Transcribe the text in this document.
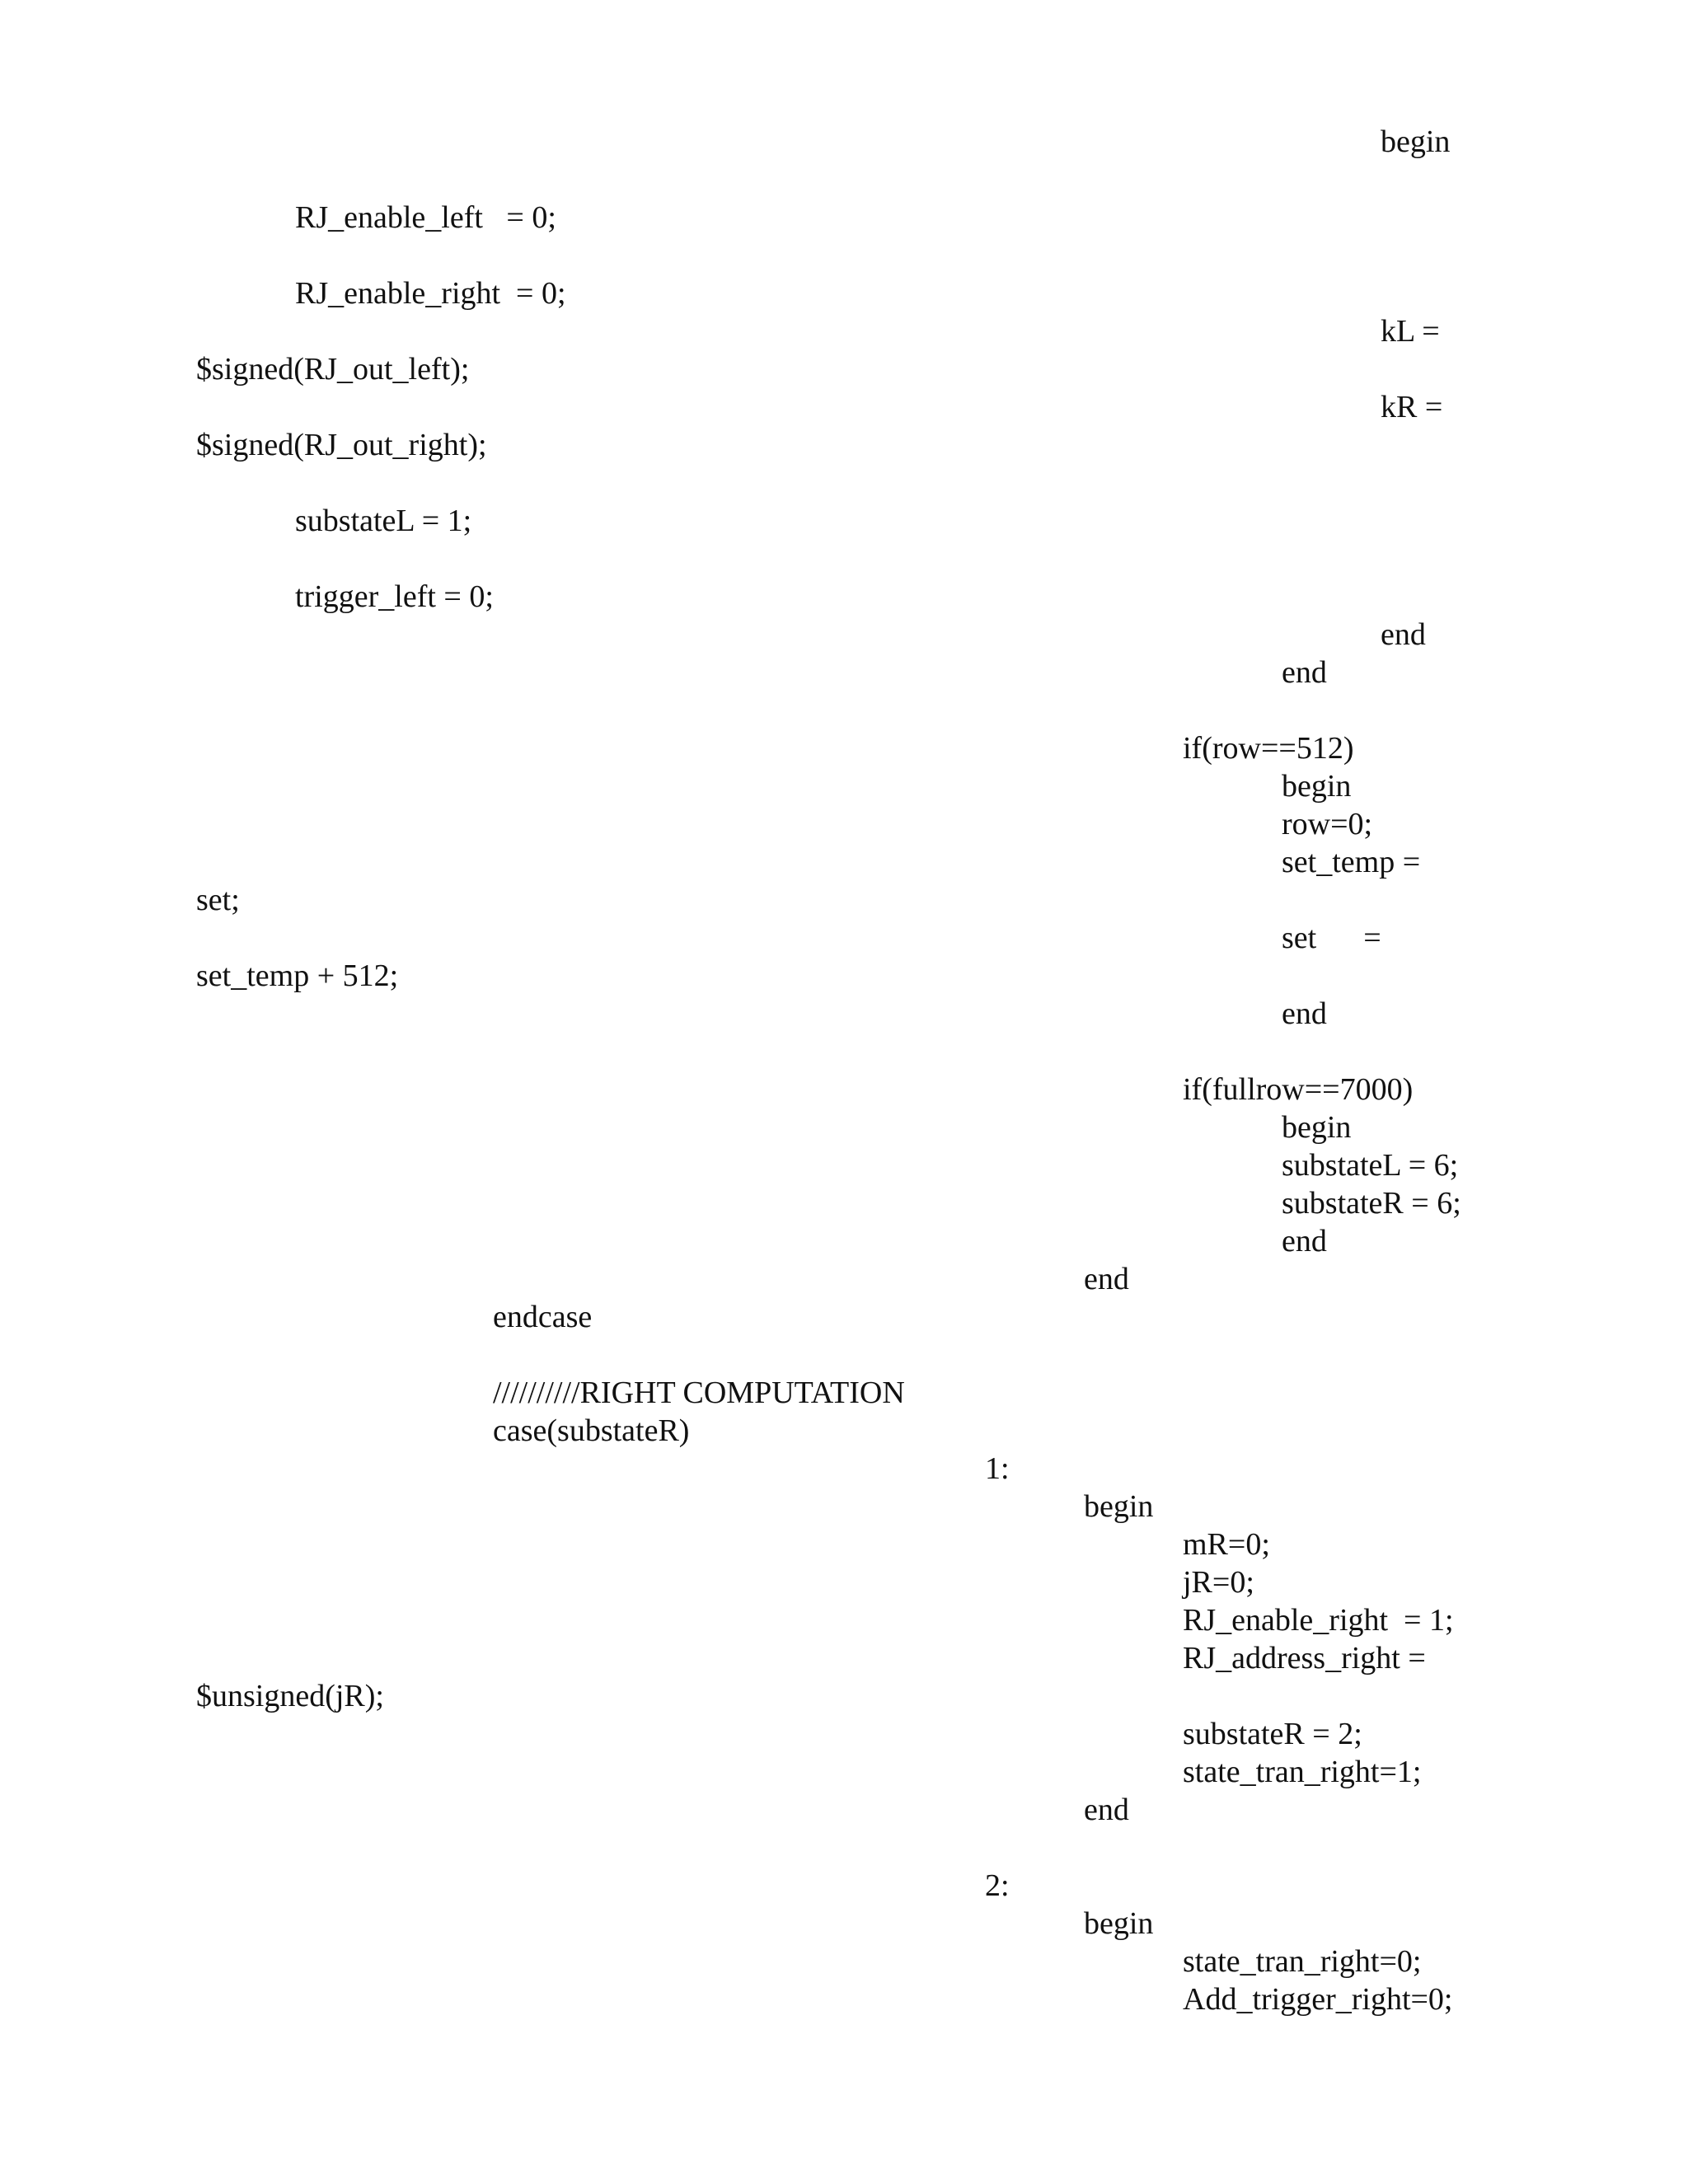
begin

RJ_enable_left   = 0;

RJ_enable_right  = 0;

kL =

$signed(RJ_out_left);

kR =

$signed(RJ_out_right);

substateL = 1;

trigger_left = 0;

end

end

if(row==512)

begin

row=0;

set_temp =

set;

set      =

set_temp + 512;

end

if(fullrow==7000)

begin

substateL = 6;

substateR = 6;

end

end

endcase

//////////RIGHT COMPUTATION

case(substateR)

1:

begin

mR=0;

jR=0;

RJ_enable_right  = 1;

RJ_address_right =

$unsigned(jR);

substateR = 2;

state_tran_right=1;

end

2:

begin

state_tran_right=0;

Add_trigger_right=0;
